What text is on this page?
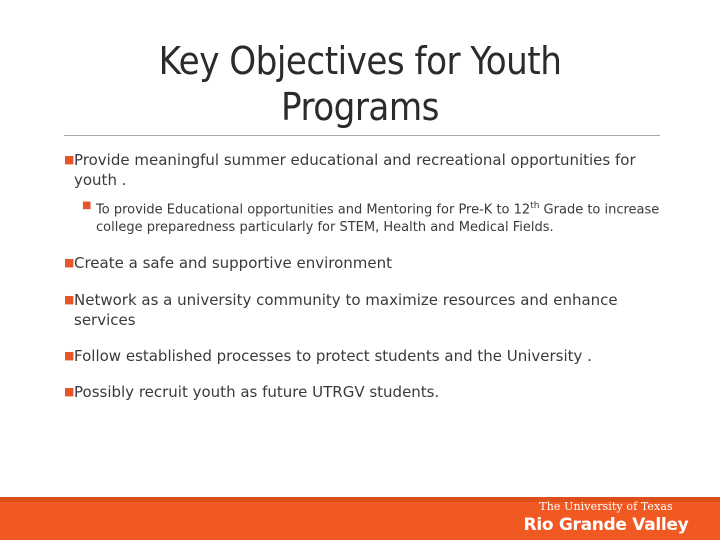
Key Objectives for Youth
Programs
■ Provide meaningful summer educational and recreational opportunities for youth .
■ To provide Educational opportunities and Mentoring for Pre-K to 12th Grade to increase college preparedness particularly for STEM, Health and Medical Fields.
■ Create a safe and supportive environment
■ Network as a university community to maximize resources and enhance services
■ Follow established processes to protect students and the University .
■ Possibly recruit youth as future UTRGV students.
The University of Texas
Rio Grande Valley
